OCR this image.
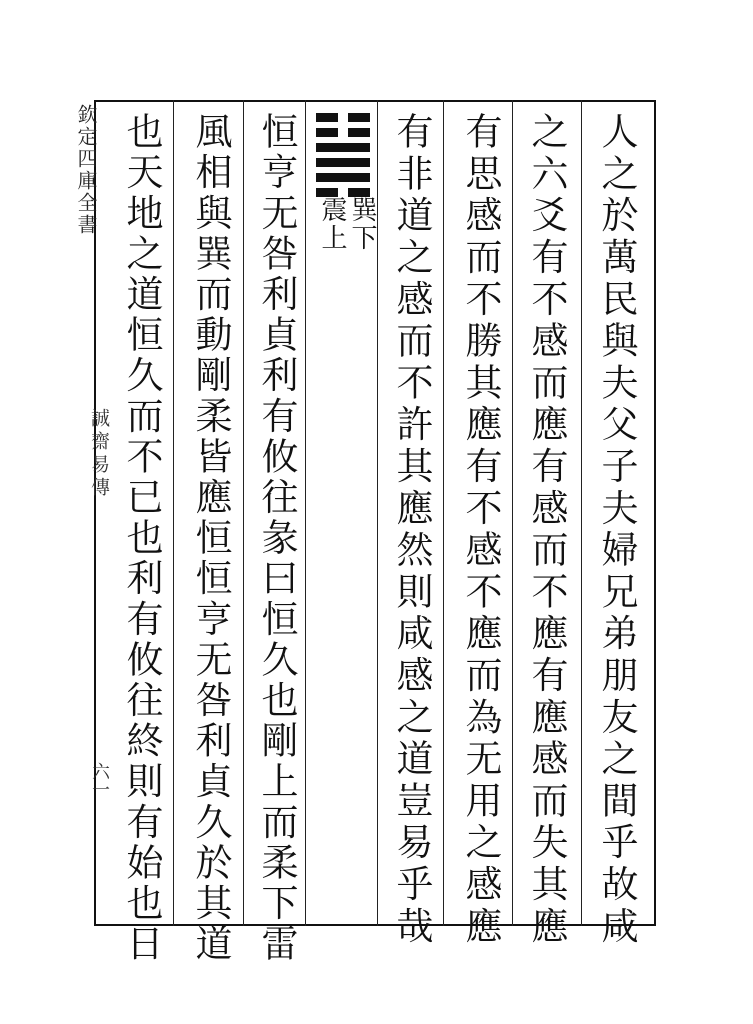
欽定四庫全書
誠齋易傳
六一	人之於萬民與夫父子夫婦兄弟朋友之間乎故咸
之六爻有不感而應有感而不應有應感而失其應
有思感而不勝其應有不感不應而為无用之感應
有非道之感而不許其應然則咸感之道豈易乎哉
巽下
震上
恒亨无咎利貞利有攸往彖曰恒久也剛上而柔下雷
風相與巽而動剛柔皆應恒恒亨无咎利貞久於其道
也天地之道恒久而不已也利有攸往終則有始也日
